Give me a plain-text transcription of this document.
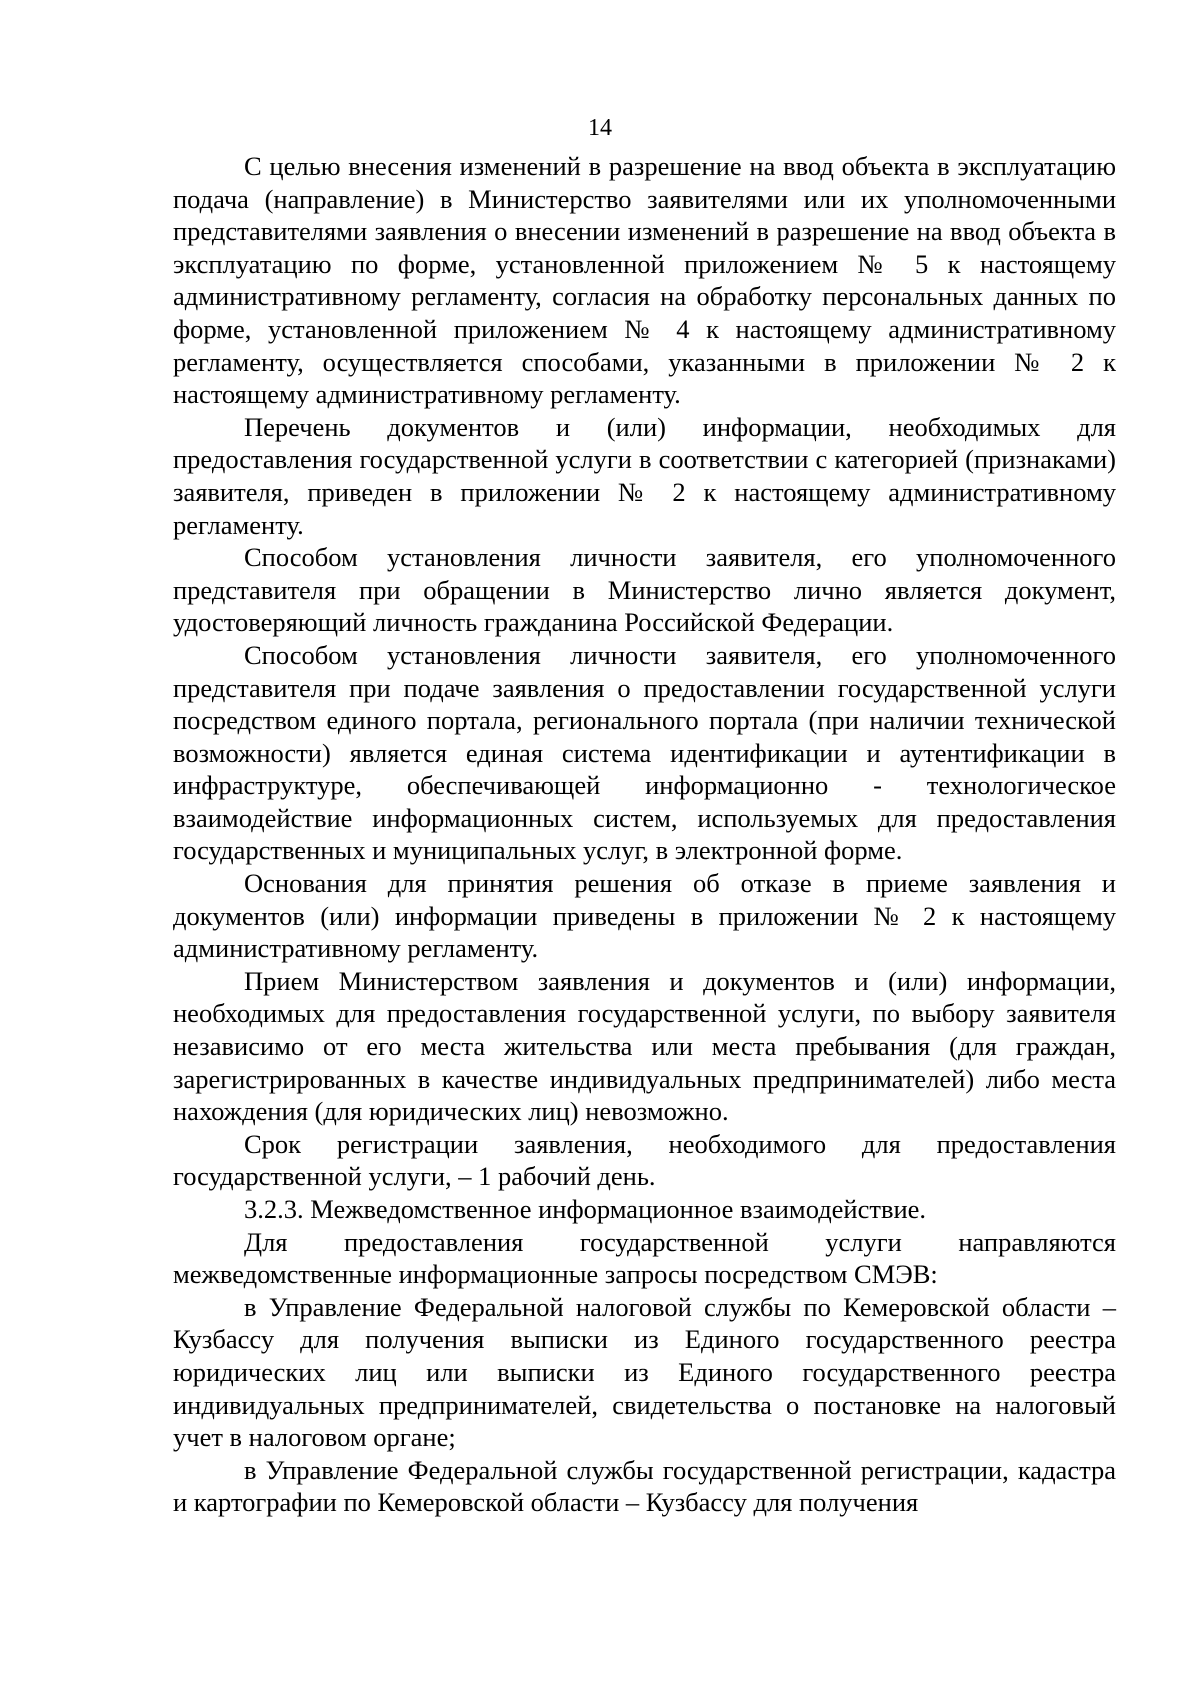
14

С целью внесения изменений в разрешение на ввод объекта в эксплуатацию подача (направление) в Министерство заявителями или их уполномоченными представителями заявления о внесении изменений в разрешение на ввод объекта в эксплуатацию по форме, установленной приложением № 5 к настоящему административному регламенту, согласия на обработку персональных данных по форме, установленной приложением № 4 к настоящему административному регламенту, осуществляется способами, указанными в приложении № 2 к настоящему административному регламенту.

Перечень документов и (или) информации, необходимых для предоставления государственной услуги в соответствии с категорией (признаками) заявителя, приведен в приложении № 2 к настоящему административному регламенту.

Способом установления личности заявителя, его уполномоченного представителя при обращении в Министерство лично является документ, удостоверяющий личность гражданина Российской Федерации.

Способом установления личности заявителя, его уполномоченного представителя при подаче заявления о предоставлении государственной услуги посредством единого портала, регионального портала (при наличии технической возможности) является единая система идентификации и аутентификации в инфраструктуре, обеспечивающей информационно - технологическое взаимодействие информационных систем, используемых для предоставления государственных и муниципальных услуг, в электронной форме.

Основания для принятия решения об отказе в приеме заявления и документов (или) информации приведены в приложении № 2 к настоящему административному регламенту.

Прием Министерством заявления и документов и (или) информации, необходимых для предоставления государственной услуги, по выбору заявителя независимо от его места жительства или места пребывания (для граждан, зарегистрированных в качестве индивидуальных предпринимателей) либо места нахождения (для юридических лиц) невозможно.

Срок регистрации заявления, необходимого для предоставления государственной услуги, – 1 рабочий день.

3.2.3. Межведомственное информационное взаимодействие.

Для предоставления государственной услуги направляются межведомственные информационные запросы посредством СМЭВ:

в Управление Федеральной налоговой службы по Кемеровской области – Кузбассу для получения выписки из Единого государственного реестра юридических лиц или выписки из Единого государственного реестра индивидуальных предпринимателей, свидетельства о постановке на налоговый учет в налоговом органе;

в Управление Федеральной службы государственной регистрации, кадастра и картографии по Кемеровской области – Кузбассу для получения
